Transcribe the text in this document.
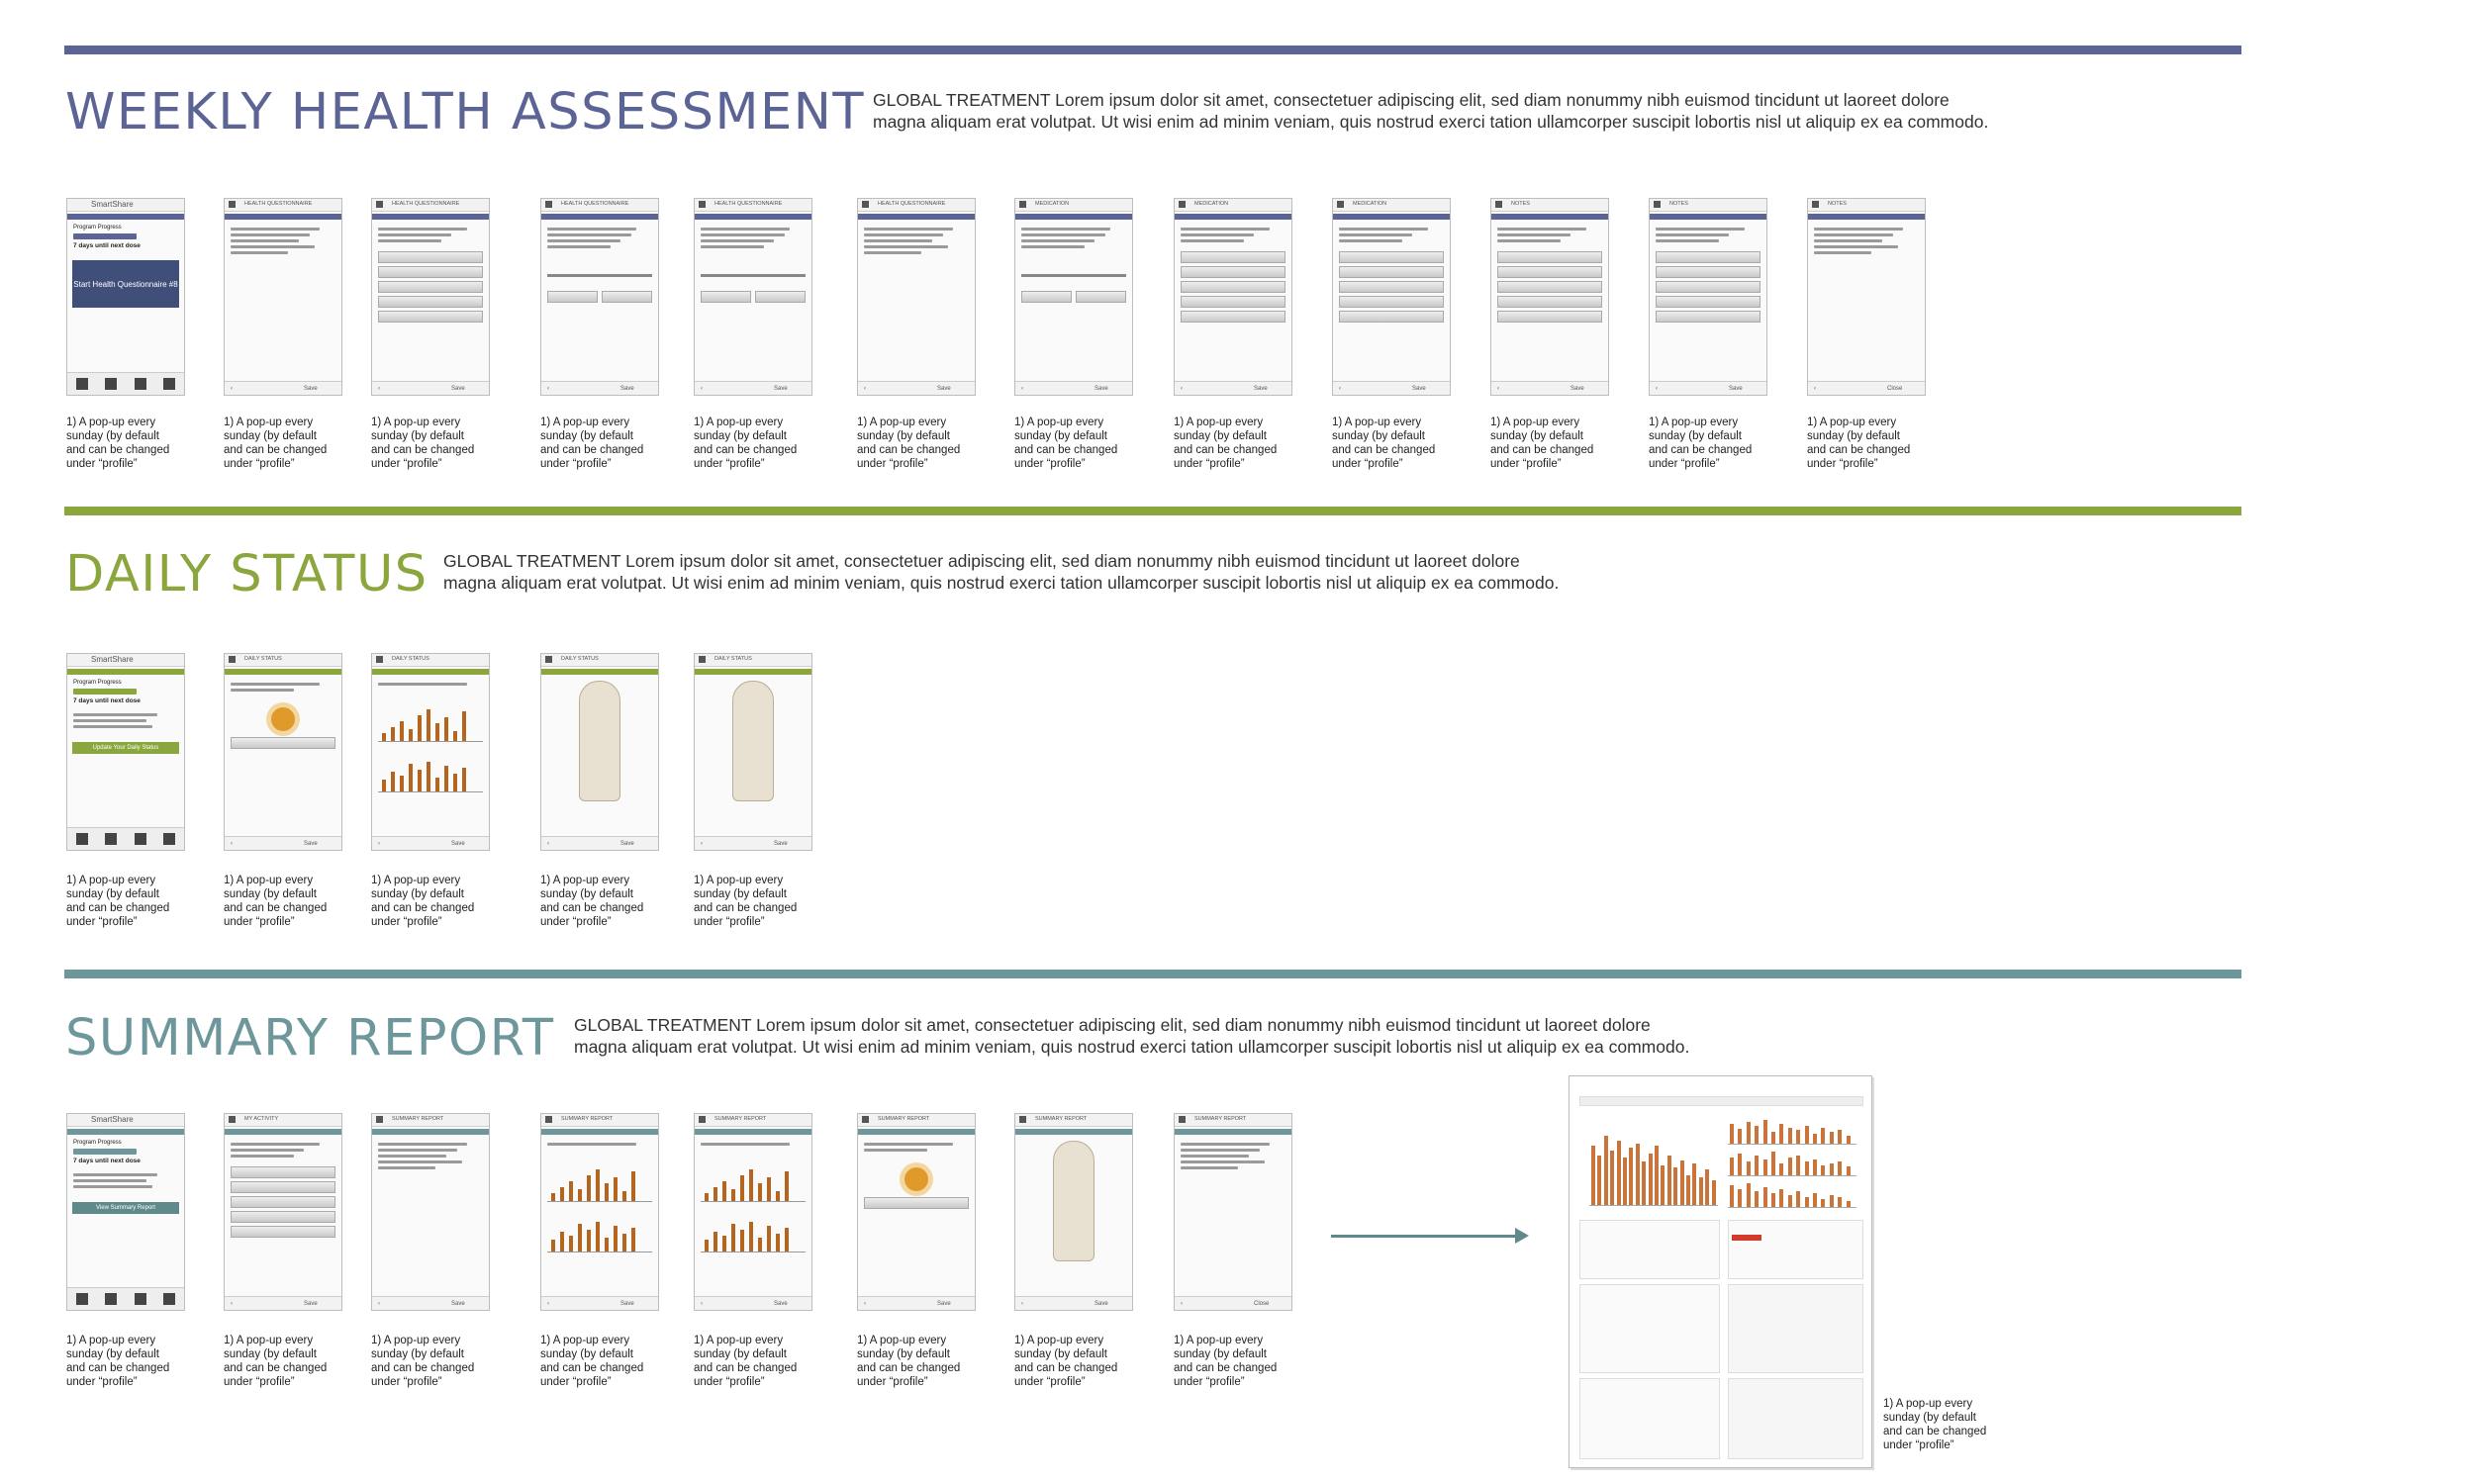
WEEKLY HEALTH ASSESSMENT GLOBAL TREATMENT Lorem ipsum dolor sit amet, consectetuer adipiscing elit, sed diam nonummy nibh euismod tincidunt ut laoreet dolore
magna aliquam erat volutpat. Ut wisi enim ad minim veniam, quis nostrud exerci tation ullamcorper suscipit lobortis nisl ut aliquip ex ea commodo.
DAILY STATUS GLOBAL TREATMENT Lorem ipsum dolor sit amet, consectetuer adipiscing elit, sed diam nonummy nibh euismod tincidunt ut laoreet dolore
magna aliquam erat volutpat. Ut wisi enim ad minim veniam, quis nostrud exerci tation ullamcorper suscipit lobortis nisl ut aliquip ex ea commodo.
SUMMARY REPORT GLOBAL TREATMENT Lorem ipsum dolor sit amet, consectetuer adipiscing elit, sed diam nonummy nibh euismod tincidunt ut laoreet dolore
magna aliquam erat volutpat. Ut wisi enim ad minim veniam, quis nostrud exerci tation ullamcorper suscipit lobortis nisl ut aliquip ex ea commodo.
1) A pop-up every
sunday (by default
and can be changed
under “profile”
SmartShare
Program Progress
7 days until next dose
Start Health Questionnaire #8
1) A pop-up every
sunday (by default
and can be changed
under “profile”
HEALTH QUESTIONNAIRE
‹	Save
1) A pop-up every
sunday (by default
and can be changed
under “profile”
HEALTH QUESTIONNAIRE
‹	Save
1) A pop-up every
sunday (by default
and can be changed
under “profile”
HEALTH QUESTIONNAIRE
‹	Save
1) A pop-up every
sunday (by default
and can be changed
under “profile”
HEALTH QUESTIONNAIRE
‹	Save
1) A pop-up every
sunday (by default
and can be changed
under “profile”
HEALTH QUESTIONNAIRE
‹	Save
1) A pop-up every
sunday (by default
and can be changed
under “profile”
MEDICATION
‹	Save
1) A pop-up every
sunday (by default
and can be changed
under “profile”
MEDICATION
‹	Save
1) A pop-up every
sunday (by default
and can be changed
under “profile”
MEDICATION
‹	Save
1) A pop-up every
sunday (by default
and can be changed
under “profile”
NOTES
‹	Save
1) A pop-up every
sunday (by default
and can be changed
under “profile”
NOTES
‹	Save
1) A pop-up every
sunday (by default
and can be changed
under “profile”
NOTES
‹	Close
1) A pop-up every
sunday (by default
and can be changed
under “profile”
SmartShare
Program Progress
7 days until next dose
Update Your Daily Status
1) A pop-up every
sunday (by default
and can be changed
under “profile”
DAILY STATUS
‹	Save
1) A pop-up every
sunday (by default
and can be changed
under “profile”
DAILY STATUS
‹	Save
1) A pop-up every
sunday (by default
and can be changed
under “profile”
DAILY STATUS
‹	Save
1) A pop-up every
sunday (by default
and can be changed
under “profile”
DAILY STATUS
‹	Save
1) A pop-up every
sunday (by default
and can be changed
under “profile”
SmartShare
Program Progress
7 days until next dose
View Summary Report
1) A pop-up every
sunday (by default
and can be changed
under “profile”
MY ACTIVITY
‹	Save
1) A pop-up every
sunday (by default
and can be changed
under “profile”
SUMMARY REPORT
‹	Save
1) A pop-up every
sunday (by default
and can be changed
under “profile”
SUMMARY REPORT
‹	Save
1) A pop-up every
sunday (by default
and can be changed
under “profile”
SUMMARY REPORT
‹	Save
1) A pop-up every
sunday (by default
and can be changed
under “profile”
SUMMARY REPORT
‹	Save
1) A pop-up every
sunday (by default
and can be changed
under “profile”
SUMMARY REPORT
‹	Save
1) A pop-up every
sunday (by default
and can be changed
under “profile”
SUMMARY REPORT
‹	Close
1) A pop-up every
sunday (by default
and can be changed
under “profile”
